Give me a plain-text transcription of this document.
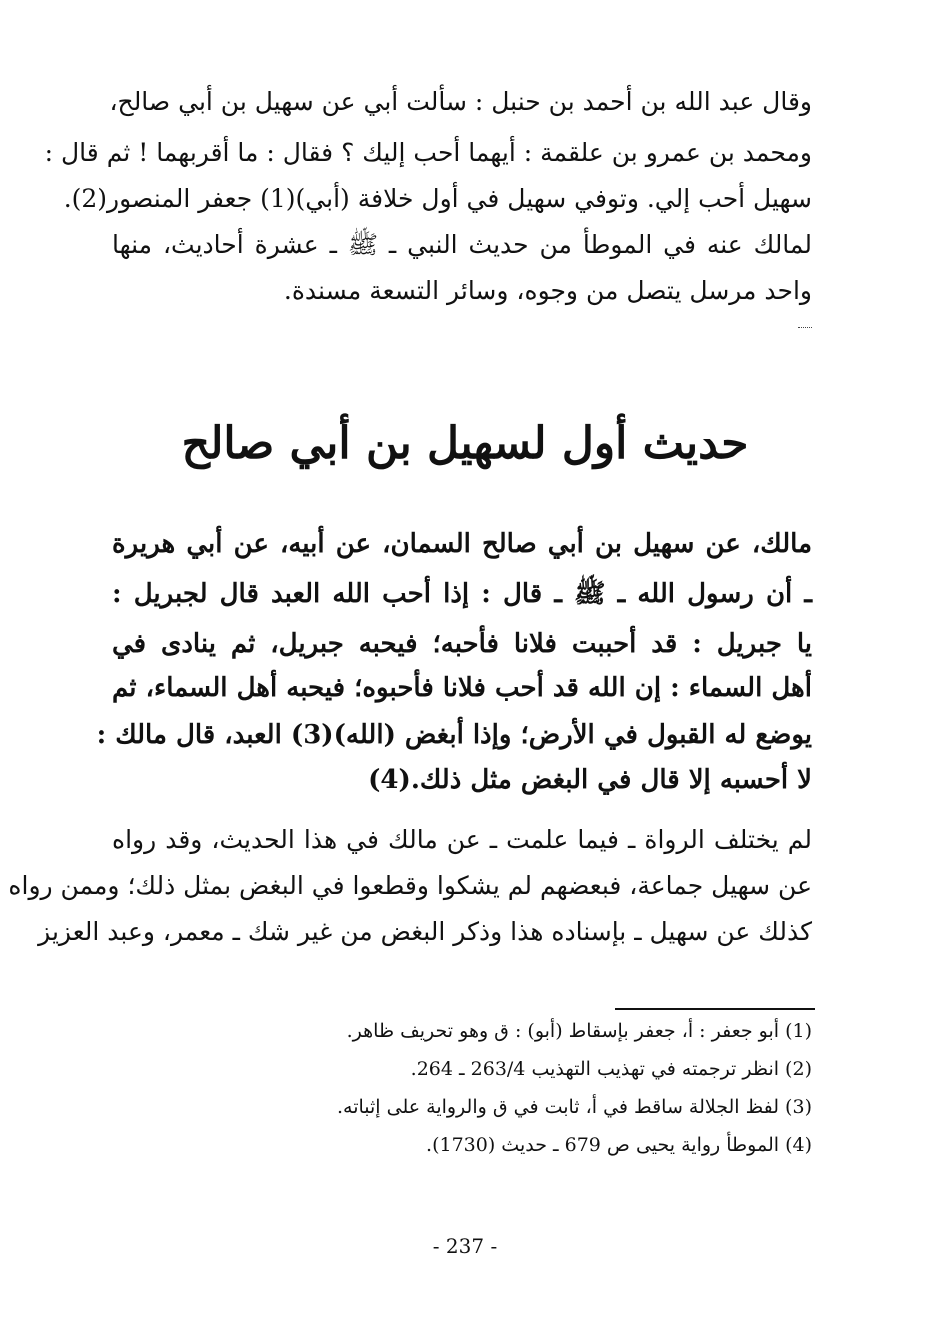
وقال عبد الله بن أحمد بن حنبل : سألت أبي عن سهيل بن أبي صالح،
ومحمد بن عمرو بن علقمة : أيهما أحب إليك ؟ فقال : ما أقربهما ! ثم قال :
سهيل أحب إلي. وتوفي سهيل في أول خلافة (أبي)(1) جعفر المنصور(2).
لمالك عنه في الموطأ من حديث النبي ـ ﷺ ـ عشرة أحاديث، منها
واحد مرسل يتصل من وجوه، وسائر التسعة مسندة.
حديث أول لسهيل بن أبي صالح
مالك، عن سهيل بن أبي صالح السمان، عن أبيه، عن أبي هريرة
ـ أن رسول الله ـ ﷺ ـ قال : إذا أحب الله العبد قال لجبريل :
يا جبريل : قد أحببت فلانا فأحبه؛ فيحبه جبريل، ثم ينادى في
أهل السماء : إن الله قد أحب فلانا فأحبوه؛ فيحبه أهل السماء، ثم
يوضع له القبول في الأرض؛ وإذا أبغض (الله)(3) العبد، قال مالك :
لا أحسبه إلا قال في البغض مثل ذلك.(4)
لم يختلف الرواة ـ فيما علمت ـ عن مالك في هذا الحديث، وقد رواه
عن سهيل جماعة، فبعضهم لم يشكوا وقطعوا في البغض بمثل ذلك؛ وممن رواه
كذلك عن سهيل ـ بإسناده هذا وذكر البغض من غير شك ـ معمر، وعبد العزيز
(1) أبو جعفر : أ، جعفر بإسقاط (أبو) : ق وهو تحريف ظاهر.
(2) انظر ترجمته في تهذيب التهذيب 263/4 ـ 264.
(3) لفظ الجلالة ساقط في أ، ثابت في ق والرواية على إثباته.
(4) الموطأ رواية يحيى ص 679 ـ حديث (1730).
- 237 -
